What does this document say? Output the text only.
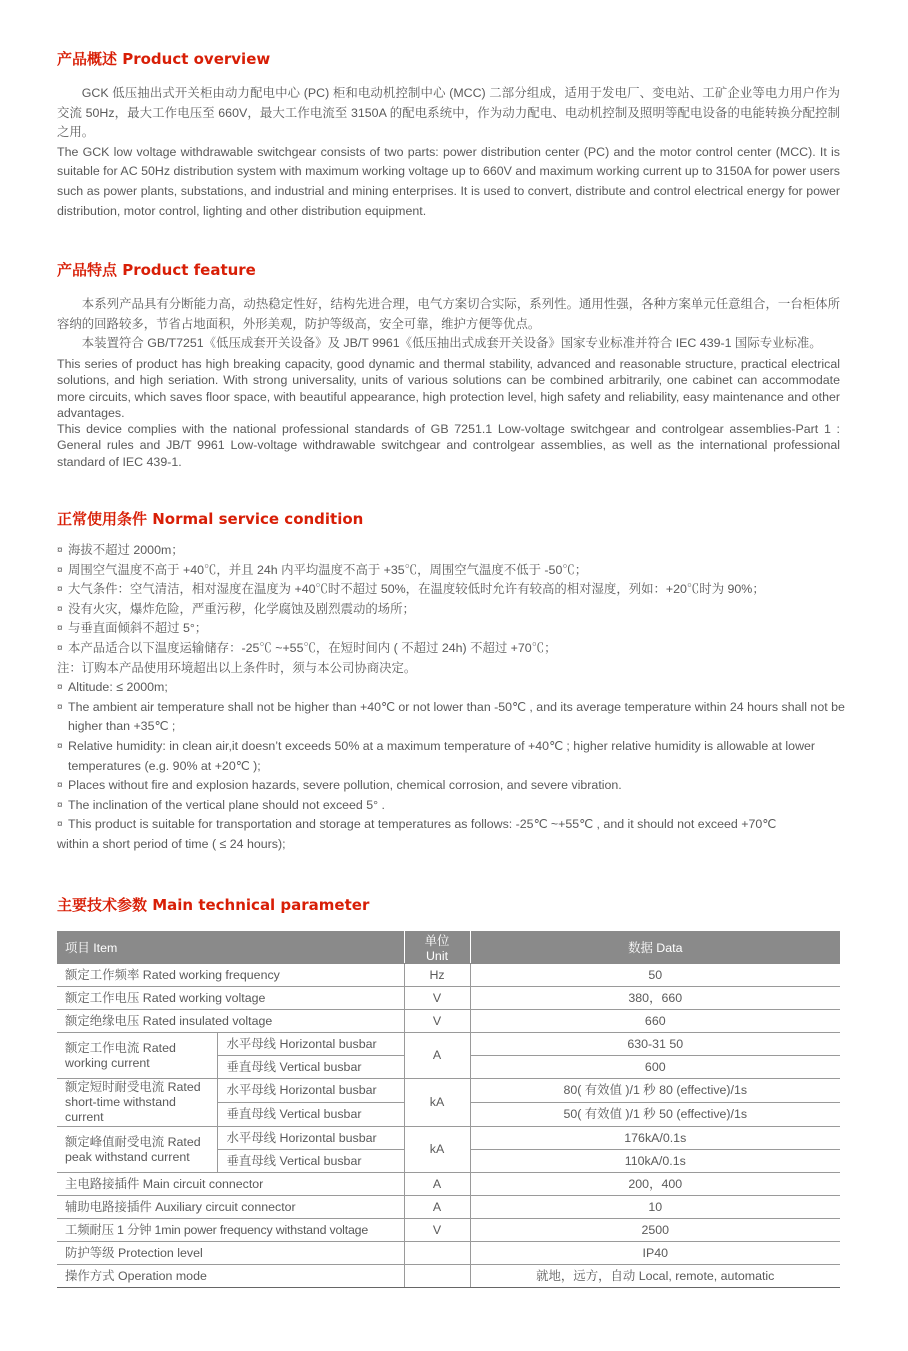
产品概述 Product overview

GCK 低压抽出式开关柜由动力配电中心 (PC) 柜和电动机控制中心 (MCC) 二部分组成，适用于发电厂、变电站、工矿企业等电力用户作为交流 50Hz，最大工作电压至 660V，最大工作电流至 3150A 的配电系统中，作为动力配电、电动机控制及照明等配电设备的电能转换分配控制之用。

The GCK low voltage withdrawable switchgear consists of two parts: power distribution center (PC) and the motor control center (MCC). It is suitable for AC 50Hz distribution system with maximum working voltage up to 660V and maximum working current up to 3150A for power users such as power plants, substations, and industrial and mining enterprises. It is used to convert, distribute and control electrical energy for power distribution, motor control, lighting and other distribution equipment.

产品特点 Product feature

本系列产品具有分断能力高，动热稳定性好，结构先进合理，电气方案切合实际，系列性。通用性强，各种方案单元任意组合，一台柜体所容纳的回路较多，节省占地面积，外形美观，防护等级高，安全可靠，维护方便等优点。

本装置符合 GB/T7251《低压成套开关设备》及 JB/T 9961《低压抽出式成套开关设备》国家专业标准并符合 IEC 439-1 国际专业标准。

This series of product has high breaking capacity, good dynamic and thermal stability, advanced and reasonable structure, practical electrical solutions, and high seriation. With strong universality, units of various solutions can be combined arbitrarily, one cabinet can accommodate more circuits, which saves floor space, with beautiful appearance, high protection level, high safety and reliability, easy maintenance and other advantages.

This device complies with the national professional standards of GB 7251.1 Low-voltage switchgear and controlgear assemblies-Part 1 : General rules and JB/T 9961 Low-voltage withdrawable switchgear and controlgear assemblies, as well as the international professional standard of IEC 439-1.

正常使用条件 Normal service condition
¤ 海拔不超过 2000m；
¤ 周围空气温度不高于 +40℃，并且 24h 内平均温度不高于 +35℃，周围空气温度不低于 -50℃；
¤ 大气条件：空气清洁，相对湿度在温度为 +40℃时不超过 50%，在温度较低时允许有较高的相对湿度，列如：+20℃时为 90%；
¤ 没有火灾，爆炸危险，严重污秽，化学腐蚀及剧烈震动的场所；
¤ 与垂直面倾斜不超过 5°；
¤ 本产品适合以下温度运输储存：-25℃ ~+55℃，在短时间内 ( 不超过 24h) 不超过 +70℃；
注：订购本产品使用环境超出以上条件时，须与本公司协商决定。
¤ Altitude: ≤ 2000m;
¤ The ambient air temperature shall not be higher than +40℃ or not lower than -50℃ , and its average temperature within 24 hours shall not be higher than +35℃ ;
¤ Relative humidity: in clean air,it doesn’t exceeds 50% at a maximum temperature of +40℃ ; higher relative humidity is allowable at lower temperatures (e.g. 90% at +20℃ );
¤ Places without fire and explosion hazards, severe pollution, chemical corrosion, and severe vibration.
¤ The inclination of the vertical plane should not exceed 5° .
¤ This product is suitable for transportation and storage at temperatures as follows: -25℃ ~+55℃ , and it should not exceed +70℃
within a short period of time ( ≤ 24 hours);
主要技术参数 Main technical parameter
项目 Item		单位 Unit	数据 Data
额定工作频率 Rated working frequency		Hz	50
额定工作电压 Rated working voltage		V	380，660
额定绝缘电压 Rated insulated voltage		V	660
额定工作电流 Rated working current	水平母线 Horizontal busbar	A	630-31 50
	垂直母线 Vertical busbar		600
额定短时耐受电流 Rated short-time withstand current	水平母线 Horizontal busbar	kA	80( 有效值 )/1 秒 80 (effective)/1s
	垂直母线 Vertical busbar		50( 有效值 )/1 秒 50 (effective)/1s
额定峰值耐受电流 Rated peak withstand current	水平母线 Horizontal busbar	kA	176kA/0.1s
	垂直母线 Vertical busbar		110kA/0.1s
主电路接插件 Main circuit connector		A	200，400
辅助电路接插件 Auxiliary circuit connector		A	10
工频耐压 1 分钟 1min power frequency withstand voltage		V	2500
防护等级 Protection level			IP40
操作方式 Operation mode			就地，远方，自动 Local, remote, automatic
